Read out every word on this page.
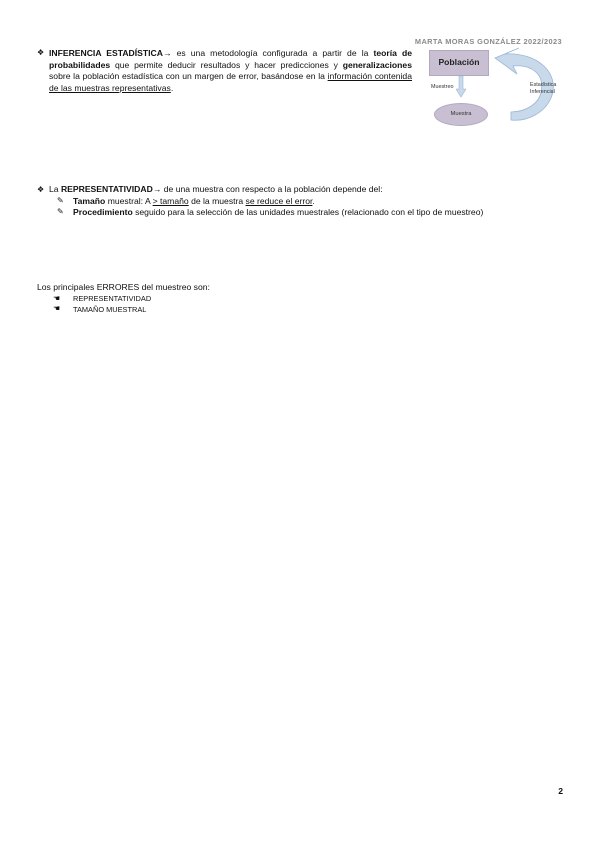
MARTA MORAS GONZÁLEZ 2022/2023
❖ INFERENCIA ESTADÍSTICA→ es una metodología configurada a partir de la teoría de probabilidades que permite deducir resultados y hacer predicciones y generalizaciones sobre la población estadística con un margen de error, basándose en la información contenida de las muestras representativas.
Población
Muestreo
Muestra
Estadística
Inferencial
❖ La REPRESENTATIVIDAD→ de una muestra con respecto a la población depende del:
✎	Tamaño muestral: A > tamaño de la muestra se reduce el error.
✎	Procedimiento seguido para la selección de las unidades muestrales (relacionado con el tipo de muestreo)
Los principales ERRORES del muestreo son:
☚	REPRESENTATIVIDAD
☚	TAMAÑO MUESTRAL
2
